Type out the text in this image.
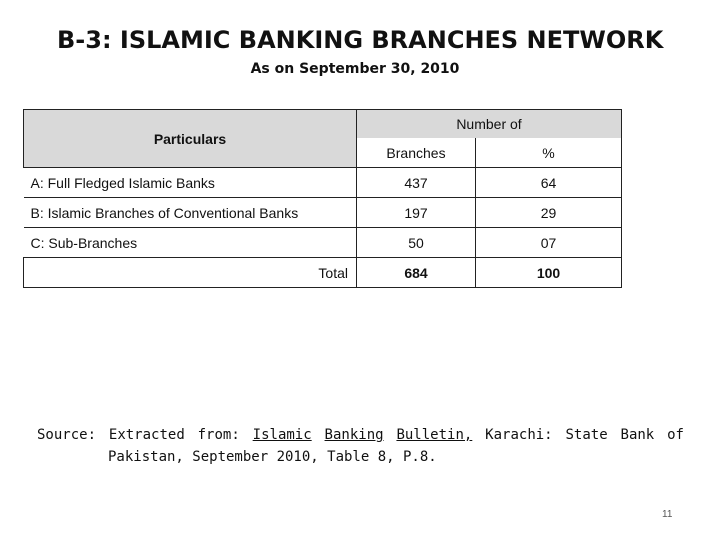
B-3: ISLAMIC BANKING BRANCHES NETWORK
As on September 30, 2010
Particulars	Number of	
	Branches	%
A: Full Fledged Islamic Banks	437	64
B: Islamic Branches of Conventional Banks	197	29
C: Sub-Branches	50	07
Total	684	100
Source: Extracted from: Islamic Banking Bulletin, Karachi: State Bank of
Pakistan, September 2010, Table 8, P.8.
11
